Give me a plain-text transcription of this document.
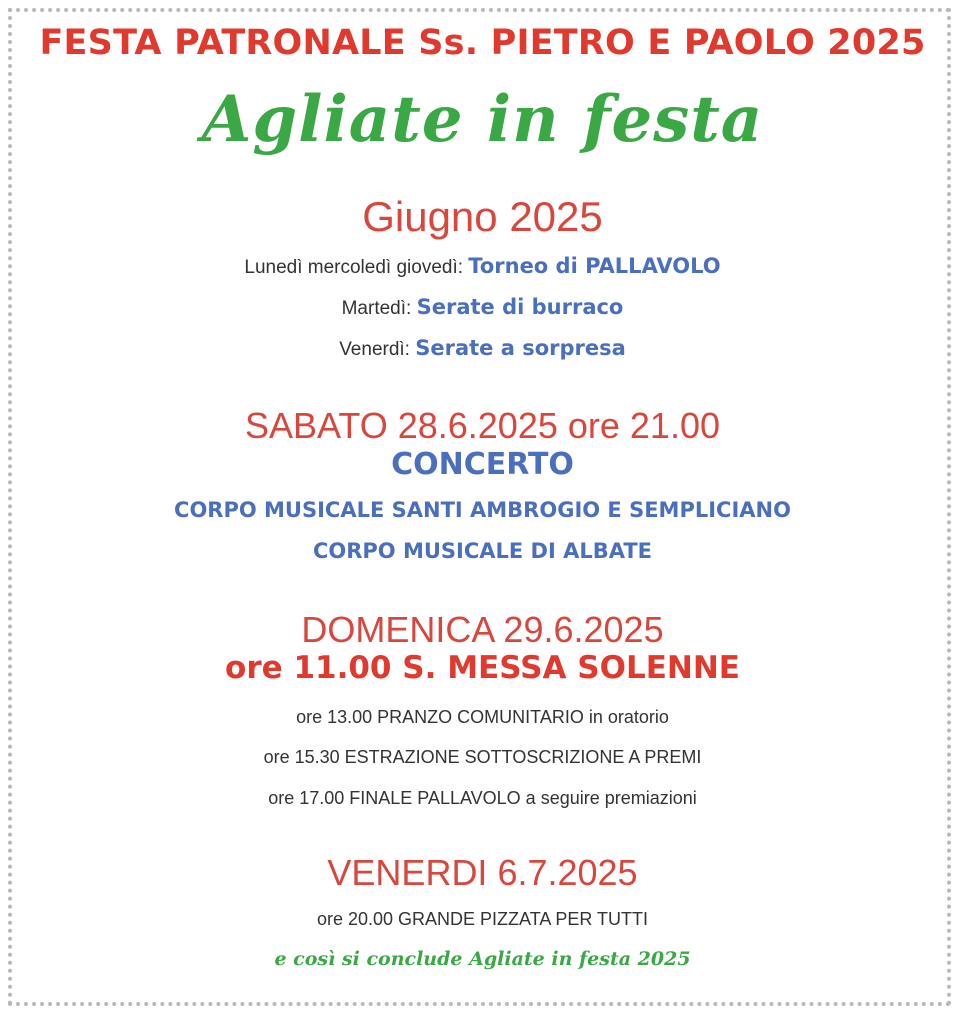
FESTA PATRONALE Ss. PIETRO E PAOLO 2025
Agliate in festa
Giugno 2025
Lunedì mercoledì giovedì: Torneo di PALLAVOLO
Martedì: Serate di burraco
Venerdì: Serate a sorpresa
SABATO 28.6.2025 ore 21.00
CONCERTO
CORPO MUSICALE SANTI AMBROGIO E SEMPLICIANO
CORPO MUSICALE DI ALBATE
DOMENICA 29.6.2025
ore 11.00 S. MESSA SOLENNE
ore 13.00 PRANZO COMUNITARIO in oratorio
ore 15.30 ESTRAZIONE SOTTOSCRIZIONE A PREMI
ore 17.00 FINALE PALLAVOLO a seguire premiazioni
VENERDI 6.7.2025
ore 20.00 GRANDE PIZZATA PER TUTTI
e così si conclude Agliate in festa 2025
